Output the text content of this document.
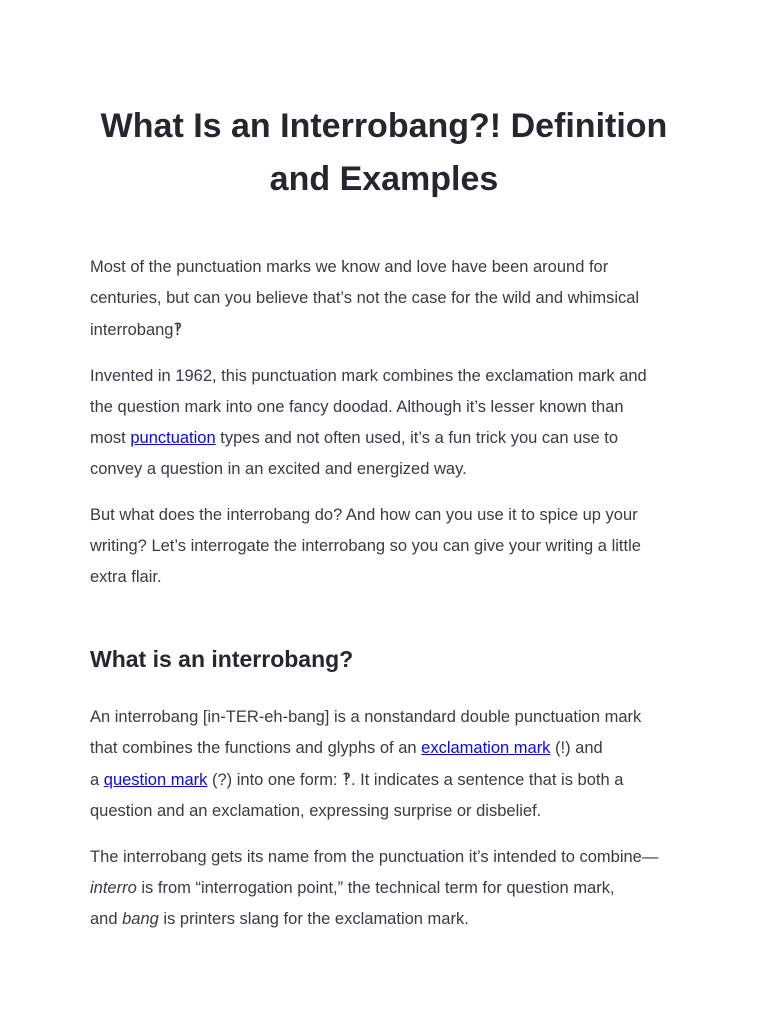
What Is an Interrobang?! Definition
and Examples

Most of the punctuation marks we know and love have been around for
centuries, but can you believe that’s not the case for the wild and whimsical
interrobang‽

Invented in 1962, this punctuation mark combines the exclamation mark and
the question mark into one fancy doodad. Although it’s lesser known than
most punctuation types and not often used, it’s a fun trick you can use to
convey a question in an excited and energized way.

But what does the interrobang do? And how can you use it to spice up your
writing? Let’s interrogate the interrobang so you can give your writing a little
extra flair.

What is an interrobang?

An interrobang [in-TER-eh-bang] is a nonstandard double punctuation mark
that combines the functions and glyphs of an exclamation mark (!) and
a question mark (?) into one form: ‽. It indicates a sentence that is both a
question and an exclamation, expressing surprise or disbelief.

The interrobang gets its name from the punctuation it’s intended to combine—
interro is from “interrogation point,” the technical term for question mark,
and bang is printers slang for the exclamation mark.
